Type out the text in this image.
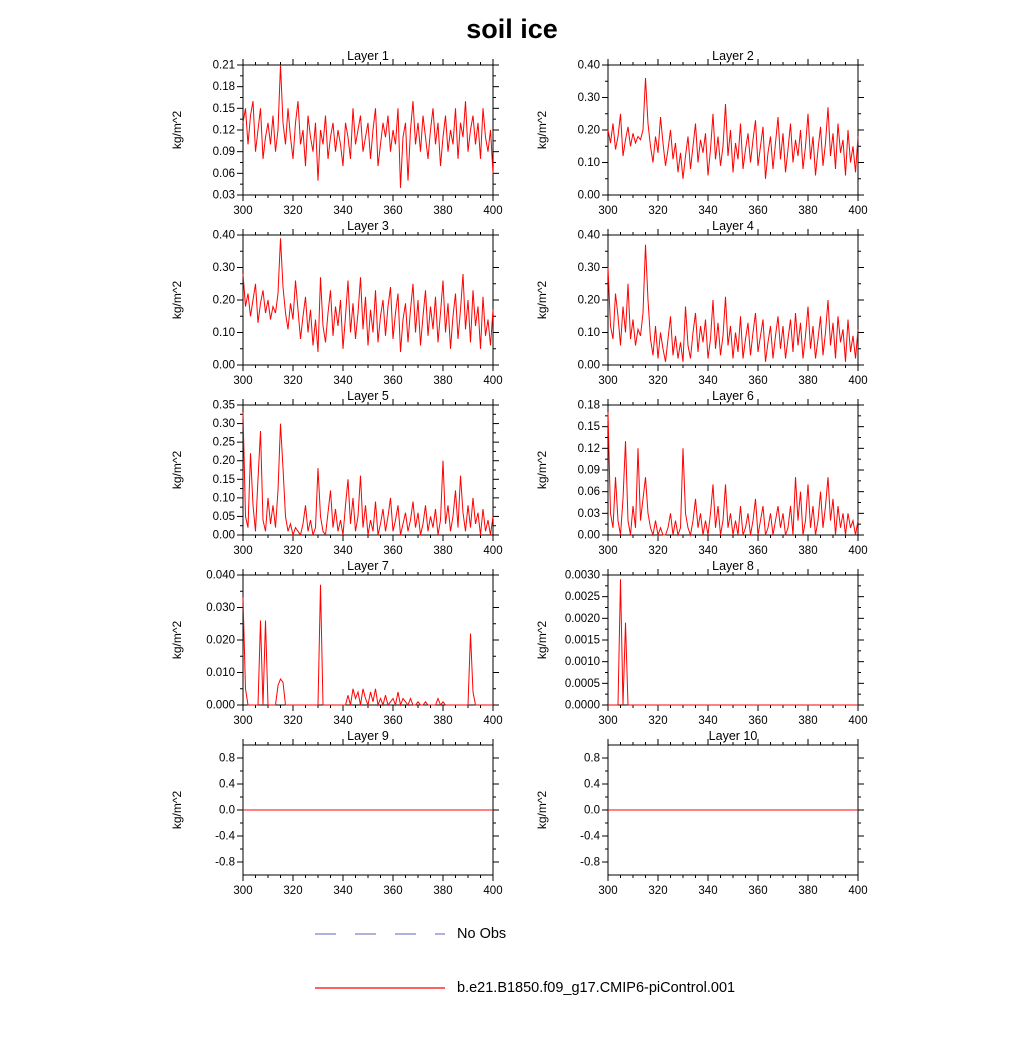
soil ice
Layer 1
kg/m^2
300	320	340	360	380	400
0.03
0.06
0.09
0.12
0.15
0.18
0.21
Layer 2
kg/m^2
300	320	340	360	380	400
0.00
0.10
0.20
0.30
0.40
Layer 3
kg/m^2
300	320	340	360	380	400
0.00
0.10
0.20
0.30
0.40
Layer 4
kg/m^2
300	320	340	360	380	400
0.00
0.10
0.20
0.30
0.40
Layer 5
kg/m^2
300	320	340	360	380	400
0.00
0.05
0.10
0.15
0.20
0.25
0.30
0.35
Layer 6
kg/m^2
300	320	340	360	380	400
0.00
0.03
0.06
0.09
0.12
0.15
0.18
Layer 7
kg/m^2
300	320	340	360	380	400
0.000
0.010
0.020
0.030
0.040
Layer 8
kg/m^2
300	320	340	360	380	400
0.0000
0.0005
0.0010
0.0015
0.0020
0.0025
0.0030
Layer 9
kg/m^2
300	320	340	360	380	400
-0.8
-0.4
0.0
0.4
0.8
Layer 10
kg/m^2
300	320	340	360	380	400
-0.8
-0.4
0.0
0.4
0.8
No Obs
b.e21.B1850.f09_g17.CMIP6-piControl.001
